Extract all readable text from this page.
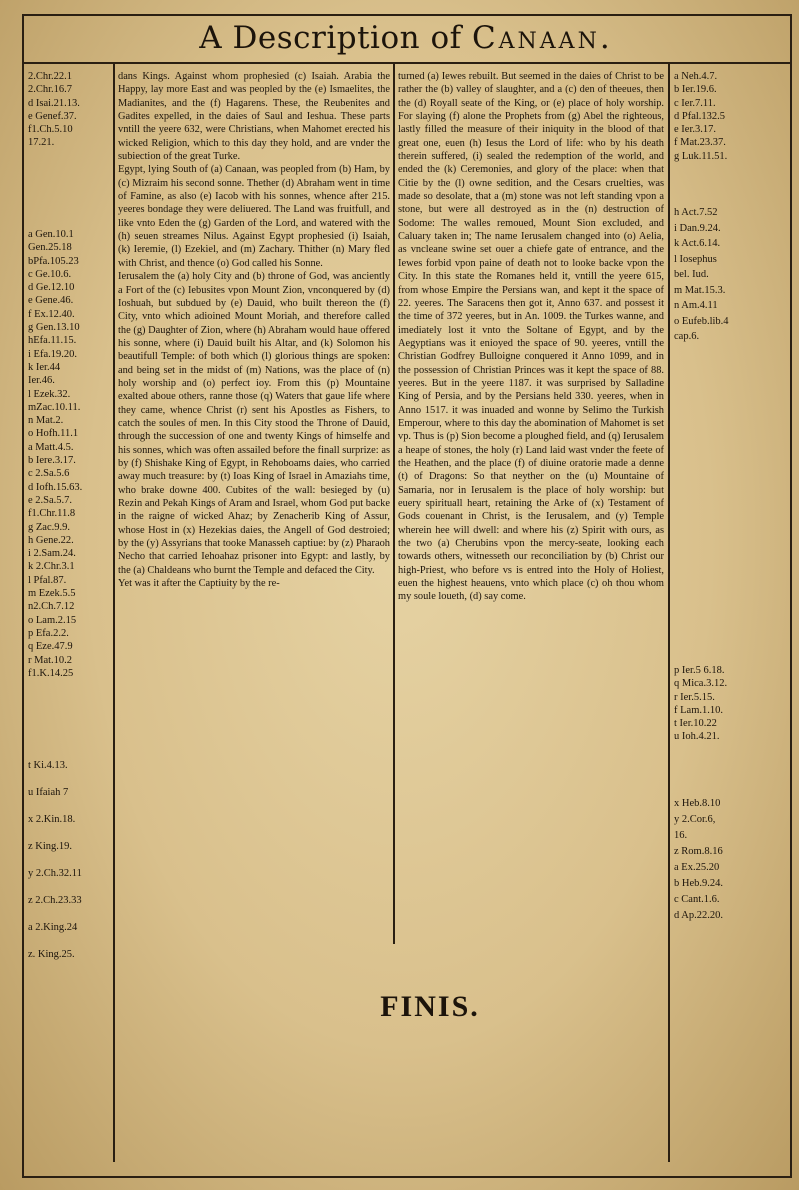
A Description of Canaan.
2.Chr.22.1
2.Chr.16.7
d Isai.21.13.
e Genef.37.
f1.Ch.5.10
17.21.
a Gen.10.1
Gen.25.18
bPfa.105.23
c Ge.10.6.
d Ge.12.10
e Gene.46.
f Ex.12.40.
g Gen.13.10
hEfa.11.15.
i Efa.19.20.
k Ier.44
Ier.46.
l Ezek.32.
mZac.10.11.
n Mat.2.
o Hofh.11.1
a Matt.4.5.
b Iere.3.17.
c 2.Sa.5.6
d Iofh.15.63.
e 2.Sa.5.7.
f1.Chr.11.8
g Zac.9.9.
h Gene.22.
i 2.Sam.24.
k 2.Chr.3.1
l Pfal.87.
m Ezek.5.5
n2.Ch.7.12
o Lam.2.15
p Efa.2.2.
q Eze.47.9
r Mat.10.2
f1.K.14.25
t Ki.4.13.
u Ifaiah 7
x 2.Kin.18.
z King.19.
y 2.Ch.32.11
z 2.Ch.23.33
a 2.King.24
z. King.25.

dans Kings. Against whom prophesied (c) Isaiah. Arabia the Happy, lay more East and was peopled by the (e) Ismaelites, the Madianites, and the (f) Hagarens. These, the Reubenites and Gadites expelled, in the daies of Saul and Ieshua. These parts vntill the yeere 632, were Christians, when Mahomet erected his wicked Religion, which to this day they hold, and are vnder the subiection of the great Turke.

Egypt, lying South of (a) Canaan, was peopled from (b) Ham, by (c) Mizraim his second sonne. Thether (d) Abraham went in time of Famine, as also (e) Iacob with his sonnes, whence after 215. yeeres bondage they were deliuered. The Land was fruitfull, and like vnto Eden the (g) Garden of the Lord, and watered with the (h) seuen streames Nilus. Against Egypt prophesied (i) Isaiah, (k) Ieremie, (l) Ezekiel, and (m) Zachary. Thither (n) Mary fled with Christ, and thence (o) God called his Sonne.

Ierusalem the (a) holy City and (b) throne of God, was anciently a Fort of the (c) Iebusites vpon Mount Zion, vnconquered by (d) Ioshuah, but subdued by (e) Dauid, who built thereon the (f) City, vnto which adioined Mount Moriah, and therefore called the (g) Daughter of Zion, where (h) Abraham would haue offered his sonne, where (i) Dauid built his Altar, and (k) Solomon his beautifull Temple: of both which (l) glorious things are spoken: and being set in the midst of (m) Nations, was the place of (n) holy worship and (o) perfect ioy. From this (p) Mountaine exalted aboue others, ranne those (q) Waters that gaue life where they came, whence Christ (r) sent his Apostles as Fishers, to catch the soules of men. In this City stood the Throne of Dauid, through the succession of one and twenty Kings of himselfe and his sonnes, which was often assailed before the finall surprize: as by (f) Shishake King of Egypt, in Rehoboams daies, who carried away much treasure: by (t) Ioas King of Israel in Amaziahs time, who brake downe 400. Cubites of the wall: besieged by (u) Rezin and Pekah Kings of Aram and Israel, whom God put backe in the raigne of wicked Ahaz; by Zenacherib King of Assur, whose Host in (x) Hezekias daies, the Angell of God destroied; by the (y) Assyrians that tooke Manasseh captiue: by (z) Pharaoh Necho that carried Iehoahaz prisoner into Egypt: and lastly, by the (a) Chaldeans who burnt the Temple and defaced the City.

Yet was it after the Captiuity by the re-

turned (a) Iewes rebuilt. But seemed in the daies of Christ to be rather the (b) valley of slaughter, and a (c) den of theeues, then the (d) Royall seate of the King, or (e) place of holy worship. For slaying (f) alone the Prophets from (g) Abel the righteous, lastly filled the measure of their iniquity in the blood of that great one, euen (h) Iesus the Lord of life: who by his death therein suffered, (i) sealed the redemption of the world, and ended the (k) Ceremonies, and glory of the place: when that Citie by the (l) owne sedition, and the Cesars cruelties, was made so desolate, that a (m) stone was not left standing vpon a stone, but were all destroyed as in the (n) destruction of Sodome: The walles remoued, Mount Sion excluded, and Caluary taken in; The name Ierusalem changed into (o) Aelia, as vncleane swine set ouer a chiefe gate of entrance, and the Iewes forbid vpon paine of death not to looke backe vpon the City. In this state the Romanes held it, vntill the yeere 615, from whose Empire the Persians wan, and kept it the space of 22. yeeres. The Saracens then got it, Anno 637. and possest it the time of 372 yeeres, but in An. 1009. the Turkes wanne, and imediately lost it vnto the Soltane of Egypt, and by the Aegyptians was it enioyed the space of 90. yeeres, vntill the Christian Godfrey Bulloigne conquered it Anno 1099, and in the possession of Christian Princes was it kept the space of 88. yeeres. But in the yeere 1187. it was surprised by Salladine King of Persia, and by the Persians held 330. yeeres, when in Anno 1517. it was inuaded and wonne by Selimo the Turkish Emperour, where to this day the abomination of Mahomet is set vp. Thus is (p) Sion become a ploughed field, and (q) Ierusalem a heape of stones, the holy (r) Land laid wast vnder the feete of the Heathen, and the place (f) of diuine oratorie made a denne (t) of Dragons: So that neyther on the (u) Mountaine of Samaria, nor in Ierusalem is the place of holy worship: but euery spirituall heart, retaining the Arke of (x) Testament of Gods couenant in Christ, is the Ierusalem, and (y) Temple wherein hee will dwell: and where his (z) Spirit with ours, as the two (a) Cherubins vpon the mercy-seate, looking each towards others, witnesseth our reconciliation by (b) Christ our high-Priest, who before vs is entred into the Holy of Holiest, euen the highest heauens, vnto which place (c) oh thou whom my soule loueth, (d) say come.

a Neh.4.7.
b Ier.19.6.
c Ier.7.11.
d Pfal.132.5
e Ier.3.17.
f Mat.23.37.
g Luk.11.51.
h Act.7.52
i Dan.9.24.
k Act.6.14.
l Iosephus
bel. Iud.
m Mat.15.3.
n Am.4.11
o Eufeb.lib.4
cap.6.
p Ier.5 6.18.
q Mica.3.12.
r Ier.5.15.
f Lam.1.10.
t Ier.10.22
u Ioh.4.21.
x Heb.8.10
y 2.Cor.6,
16.
z Rom.8.16
a Ex.25.20
b Heb.9.24.
c Cant.1.6.
d Ap.22.20.
FINIS.
